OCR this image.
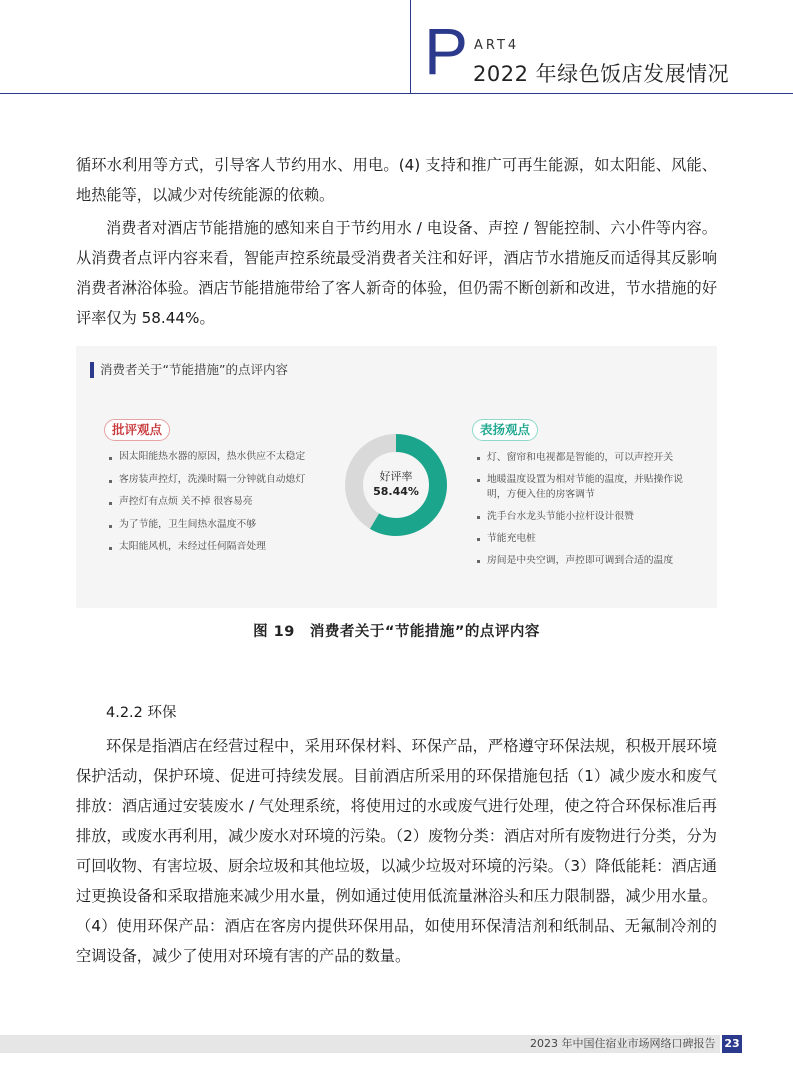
P ART4
2022 年绿色饭店发展情况

循环水利用等方式，引导客人节约用水、用电。(4) 支持和推广可再生能源，如太阳能、风能、地热能等，以减少对传统能源的依赖。

消费者对酒店节能措施的感知来自于节约用水 / 电设备、声控 / 智能控制、六小件等内容。从消费者点评内容来看，智能声控系统最受消费者关注和好评，酒店节水措施反而适得其反影响消费者淋浴体验。酒店节能措施带给了客人新奇的体验，但仍需不断创新和改进，节水措施的好评率仅为 58.44%。

消费者关于“节能措施”的点评内容
批评观点
因太阳能热水器的原因，热水供应不太稳定
客房装声控灯，洗澡时隔一分钟就自动熄灯
声控灯有点烦 关不掉 很容易亮
为了节能，卫生间热水温度不够
太阳能风机，未经过任何隔音处理
好评率
58.44%
表扬观点
灯、窗帘和电视都是智能的，可以声控开关
地暖温度设置为相对节能的温度，并贴操作说明，方便入住的房客调节
洗手台水龙头节能小拉杆设计很赞
节能充电桩
房间是中央空调，声控即可调到合适的温度
图 19　消费者关于“节能措施”的点评内容
4.2.2 环保

环保是指酒店在经营过程中，采用环保材料、环保产品，严格遵守环保法规，积极开展环境保护活动，保护环境、促进可持续发展。目前酒店所采用的环保措施包括（1）减少废水和废气排放：酒店通过安装废水 / 气处理系统，将使用过的水或废气进行处理，使之符合环保标准后再排放，或废水再利用，减少废水对环境的污染。（2）废物分类：酒店对所有废物进行分类，分为可回收物、有害垃圾、厨余垃圾和其他垃圾，以减少垃圾对环境的污染。（3）降低能耗：酒店通过更换设备和采取措施来减少用水量，例如通过使用低流量淋浴头和压力限制器，减少用水量。（4）使用环保产品：酒店在客房内提供环保用品，如使用环保清洁剂和纸制品、无氟制冷剂的空调设备，减少了使用对环境有害的产品的数量。

2023 年中国住宿业市场网络口碑报告 23
